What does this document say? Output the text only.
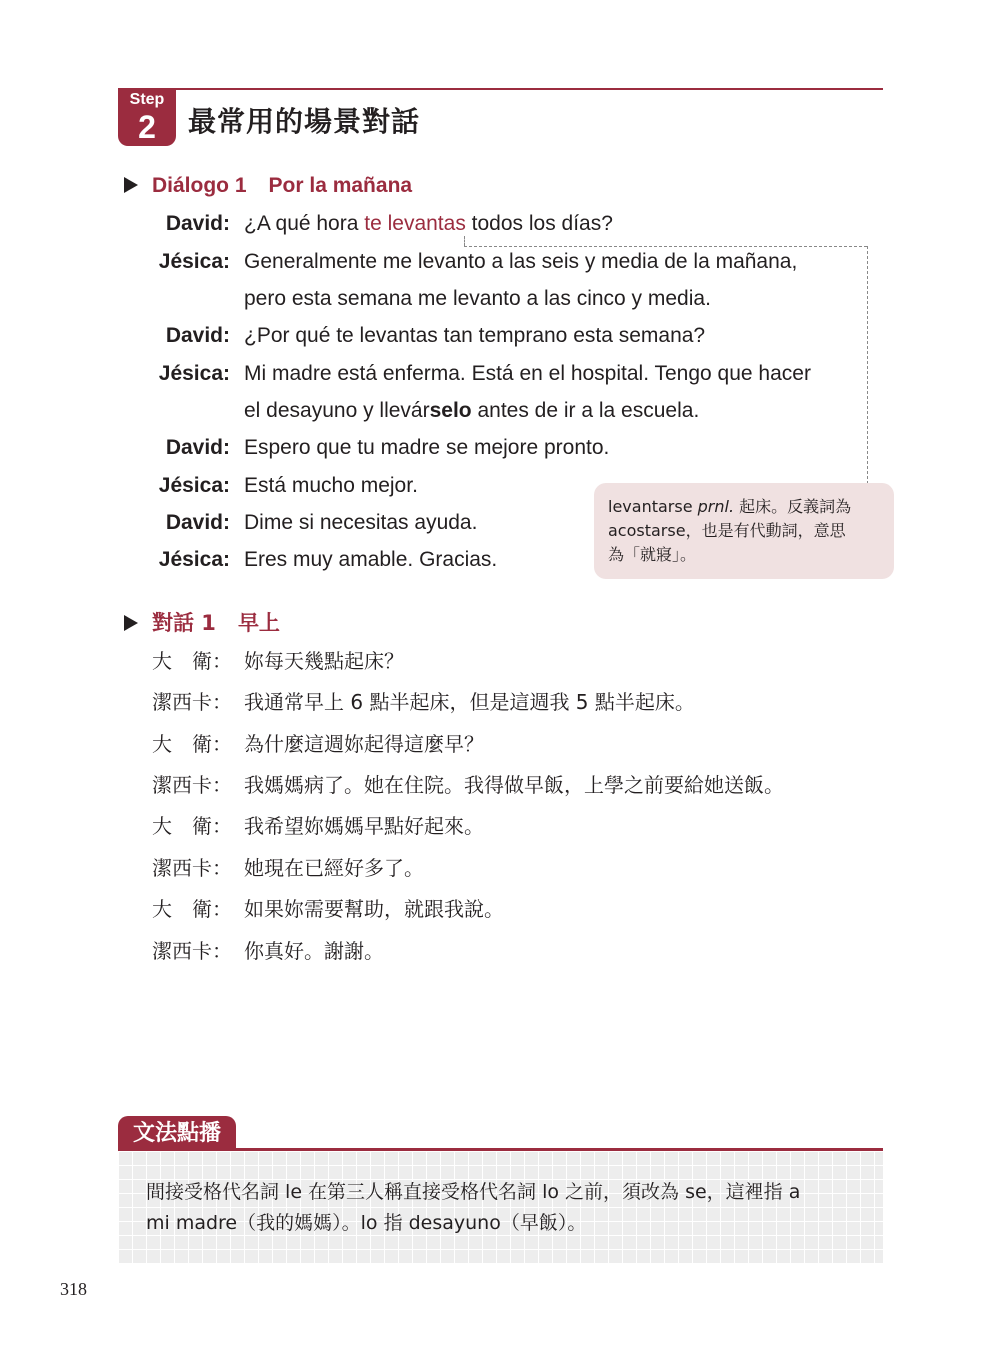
Step
2	最常用的場景對話
Diálogo 1 Por la mañana
David: ¿A qué hora te levantas todos los días?
Jésica: Generalmente me levanto a las seis y media de la mañana,
pero esta semana me levanto a las cinco y media.
David: ¿Por qué te levantas tan temprano esta semana?
Jésica: Mi madre está enferma. Está en el hospital. Tengo que hacer
el desayuno y llevárselo antes de ir a la escuela.
David: Espero que tu madre se mejore pronto.
Jésica: Está mucho mejor.
David: Dime si necesitas ayuda.
Jésica: Eres muy amable. Gracias.
levantarse prnl. 起床。反義詞為
acostarse，也是有代動詞，意思
為「就寢」。
對話 1 早上
大　衛： 妳每天幾點起床？
潔西卡： 我通常早上 6 點半起床，但是這週我 5 點半起床。
大　衛： 為什麼這週妳起得這麼早？
潔西卡： 我媽媽病了。她在住院。我得做早飯，上學之前要給她送飯。
大　衛： 我希望妳媽媽早點好起來。
潔西卡： 她現在已經好多了。
大　衛： 如果妳需要幫助，就跟我說。
潔西卡： 你真好。謝謝。
文法點播
間接受格代名詞 le 在第三人稱直接受格代名詞 lo 之前，須改為 se，這裡指 a
mi madre（我的媽媽）。lo 指 desayuno（早飯）。
318
